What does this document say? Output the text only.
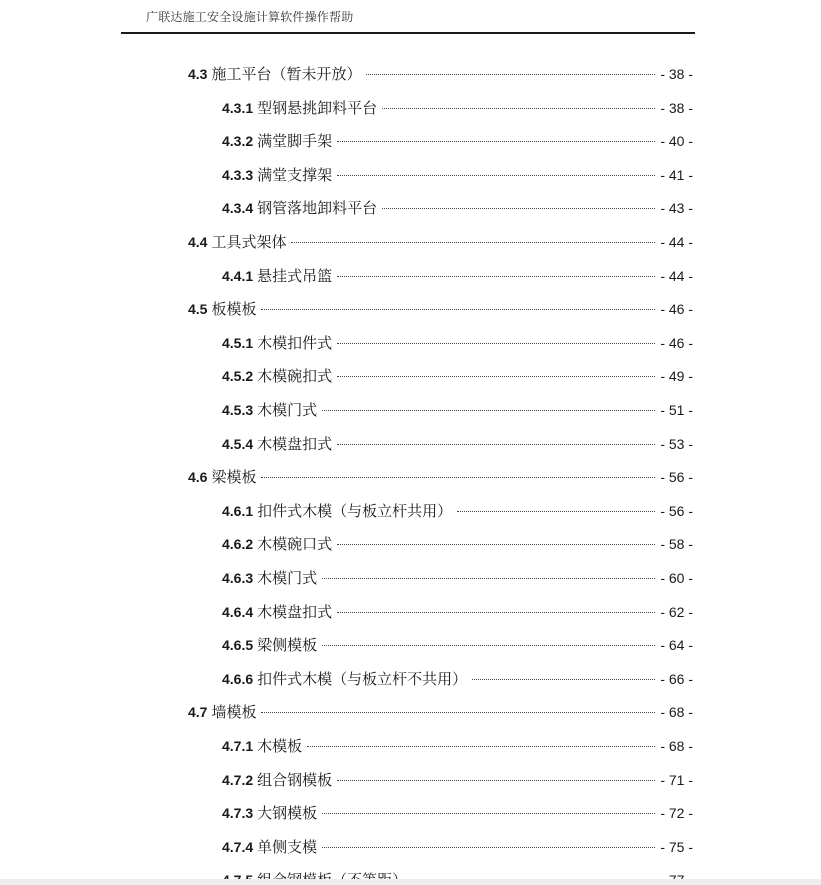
广联达施工安全设施计算软件操作帮助
4.3 施工平台（暂未开放）	- 38 -
4.3.1 型钢悬挑卸料平台	- 38 -
4.3.2 满堂脚手架	- 40 -
4.3.3 满堂支撑架	- 41 -
4.3.4 钢管落地卸料平台	- 43 -
4.4 工具式架体	- 44 -
4.4.1 悬挂式吊篮	- 44 -
4.5 板模板	- 46 -
4.5.1 木模扣件式	- 46 -
4.5.2 木模碗扣式	- 49 -
4.5.3 木模门式	- 51 -
4.5.4 木模盘扣式	- 53 -
4.6 梁模板	- 56 -
4.6.1 扣件式木模（与板立杆共用）	- 56 -
4.6.2 木模碗口式	- 58 -
4.6.3 木模门式	- 60 -
4.6.4 木模盘扣式	- 62 -
4.6.5 梁侧模板	- 64 -
4.6.6 扣件式木模（与板立杆不共用）	- 66 -
4.7 墙模板	- 68 -
4.7.1 木模板	- 68 -
4.7.2 组合钢模板	- 71 -
4.7.3 大钢模板	- 72 -
4.7.4 单侧支模	- 75 -
